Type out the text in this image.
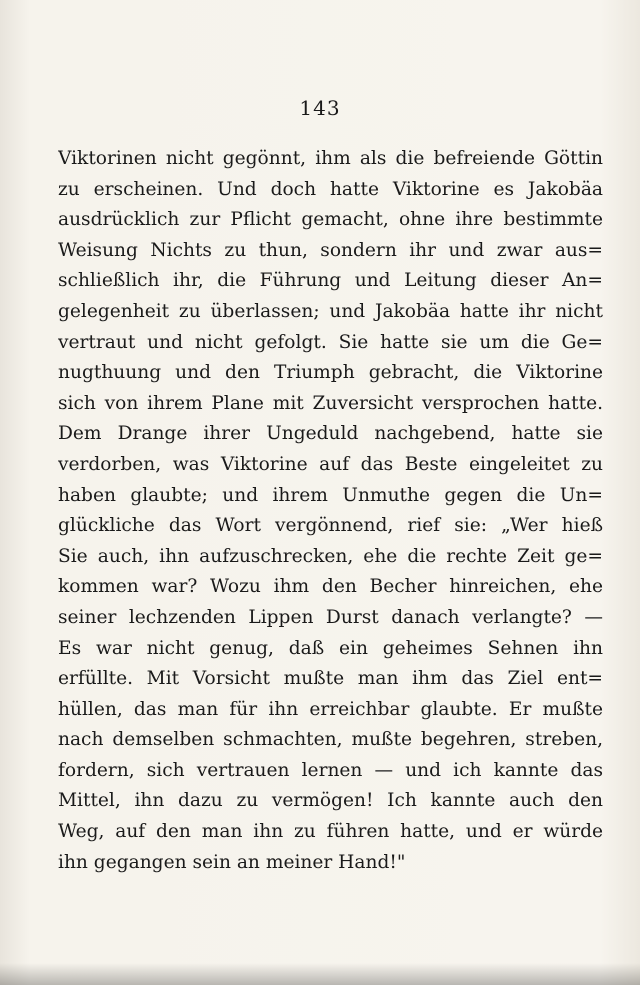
143
Viktorinen nicht gegönnt, ihm als die befreiende Göttin
zu erscheinen. Und doch hatte Viktorine es Jakobäa
ausdrücklich zur Pflicht gemacht, ohne ihre bestimmte
Weisung Nichts zu thun, sondern ihr und zwar aus=
schließlich ihr, die Führung und Leitung dieser An=
gelegenheit zu überlassen; und Jakobäa hatte ihr nicht
vertraut und nicht gefolgt. Sie hatte sie um die Ge=
nugthuung und den Triumph gebracht, die Viktorine
sich von ihrem Plane mit Zuversicht versprochen hatte.
Dem Drange ihrer Ungeduld nachgebend, hatte sie
verdorben, was Viktorine auf das Beste eingeleitet zu
haben glaubte; und ihrem Unmuthe gegen die Un=
glückliche das Wort vergönnend, rief sie: „Wer hieß
Sie auch, ihn aufzuschrecken, ehe die rechte Zeit ge=
kommen war? Wozu ihm den Becher hinreichen, ehe
seiner lechzenden Lippen Durst danach verlangte? —
Es war nicht genug, daß ein geheimes Sehnen ihn
erfüllte. Mit Vorsicht mußte man ihm das Ziel ent=
hüllen, das man für ihn erreichbar glaubte. Er mußte
nach demselben schmachten, mußte begehren, streben,
fordern, sich vertrauen lernen — und ich kannte das
Mittel, ihn dazu zu vermögen! Ich kannte auch den
Weg, auf den man ihn zu führen hatte, und er würde
ihn gegangen sein an meiner Hand!"
